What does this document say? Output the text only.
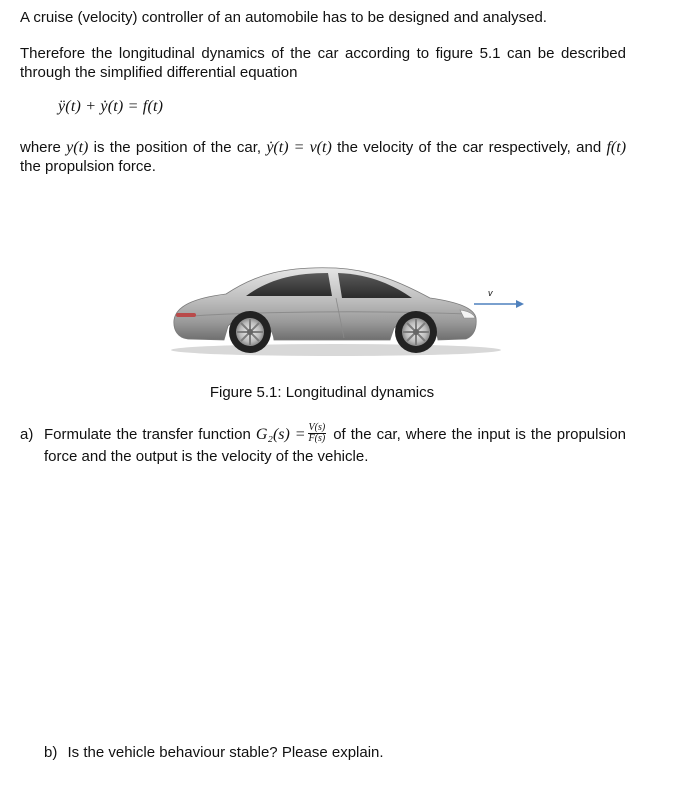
A cruise (velocity) controller of an automobile has to be designed and analysed.
Therefore the longitudinal dynamics of the car according to figure 5.1 can be described through the simplified differential equation
ÿ(t) + ẏ(t) = f(t)
where y(t) is the position of the car, ẏ(t) = v(t) the velocity of the car respectively, and f(t) the propulsion force.
v
Figure 5.1: Longitudinal dynamics
a) Formulate the transfer function $G_2(s) = \frac{V(s)}{F(s)}$ of the car, where the input is the propulsion force and the output is the velocity of the vehicle.
b) Is the vehicle behaviour stable? Please explain.
